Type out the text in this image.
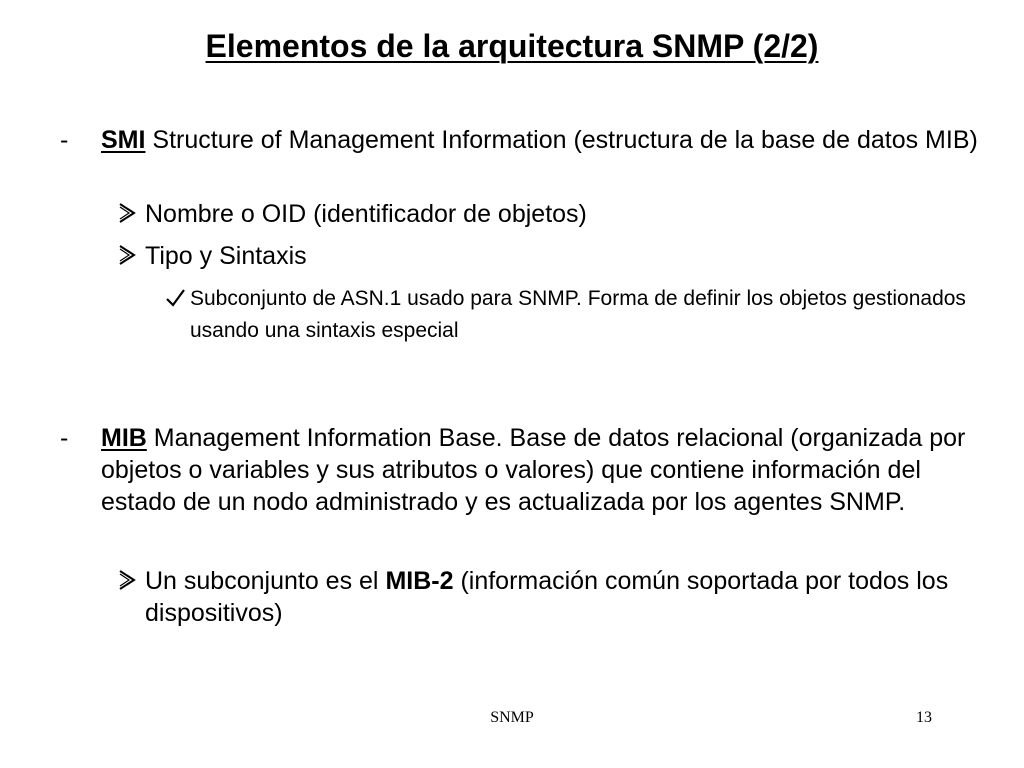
Elementos de la arquitectura SNMP (2/2)
- SMI Structure of Management Information (estructura de la base de datos MIB)
Nombre o OID (identificador de objetos)
Tipo y Sintaxis
Subconjunto de ASN.1 usado para SNMP. Forma de definir los objetos gestionados usando una sintaxis especial
- MIB Management Information Base. Base de datos relacional (organizada por objetos o variables y sus atributos o valores) que contiene información del estado de un nodo administrado y es actualizada por los agentes SNMP.
Un subconjunto es el MIB-2 (información común soportada por todos los dispositivos)
SNMP	13
